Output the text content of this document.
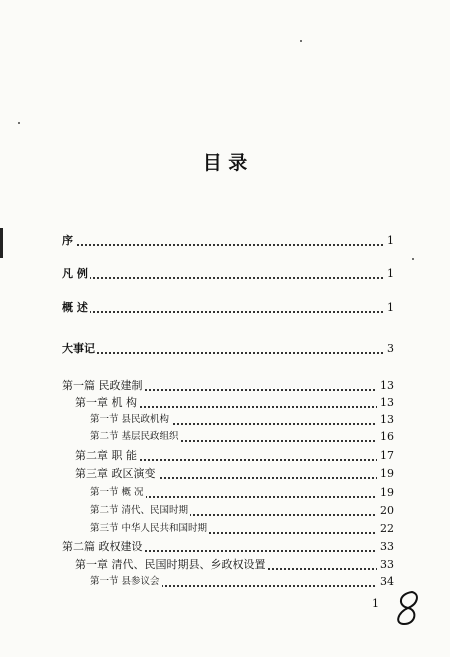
目 录
序	1
凡 例	1
概 述	1
大事记	3
第一篇 民政建制	13
第一章 机 构	13
第一节 县民政机构	13
第二节 基层民政组织	16
第二章 职 能	17
第三章 政区演变	19
第一节 概 况	19
第二节 清代、民国时期	20
第三节 中华人民共和国时期	22
第二篇 政权建设	33
第一章 清代、民国时期县、乡政权设置	33
第一节 县参议会	34
1
